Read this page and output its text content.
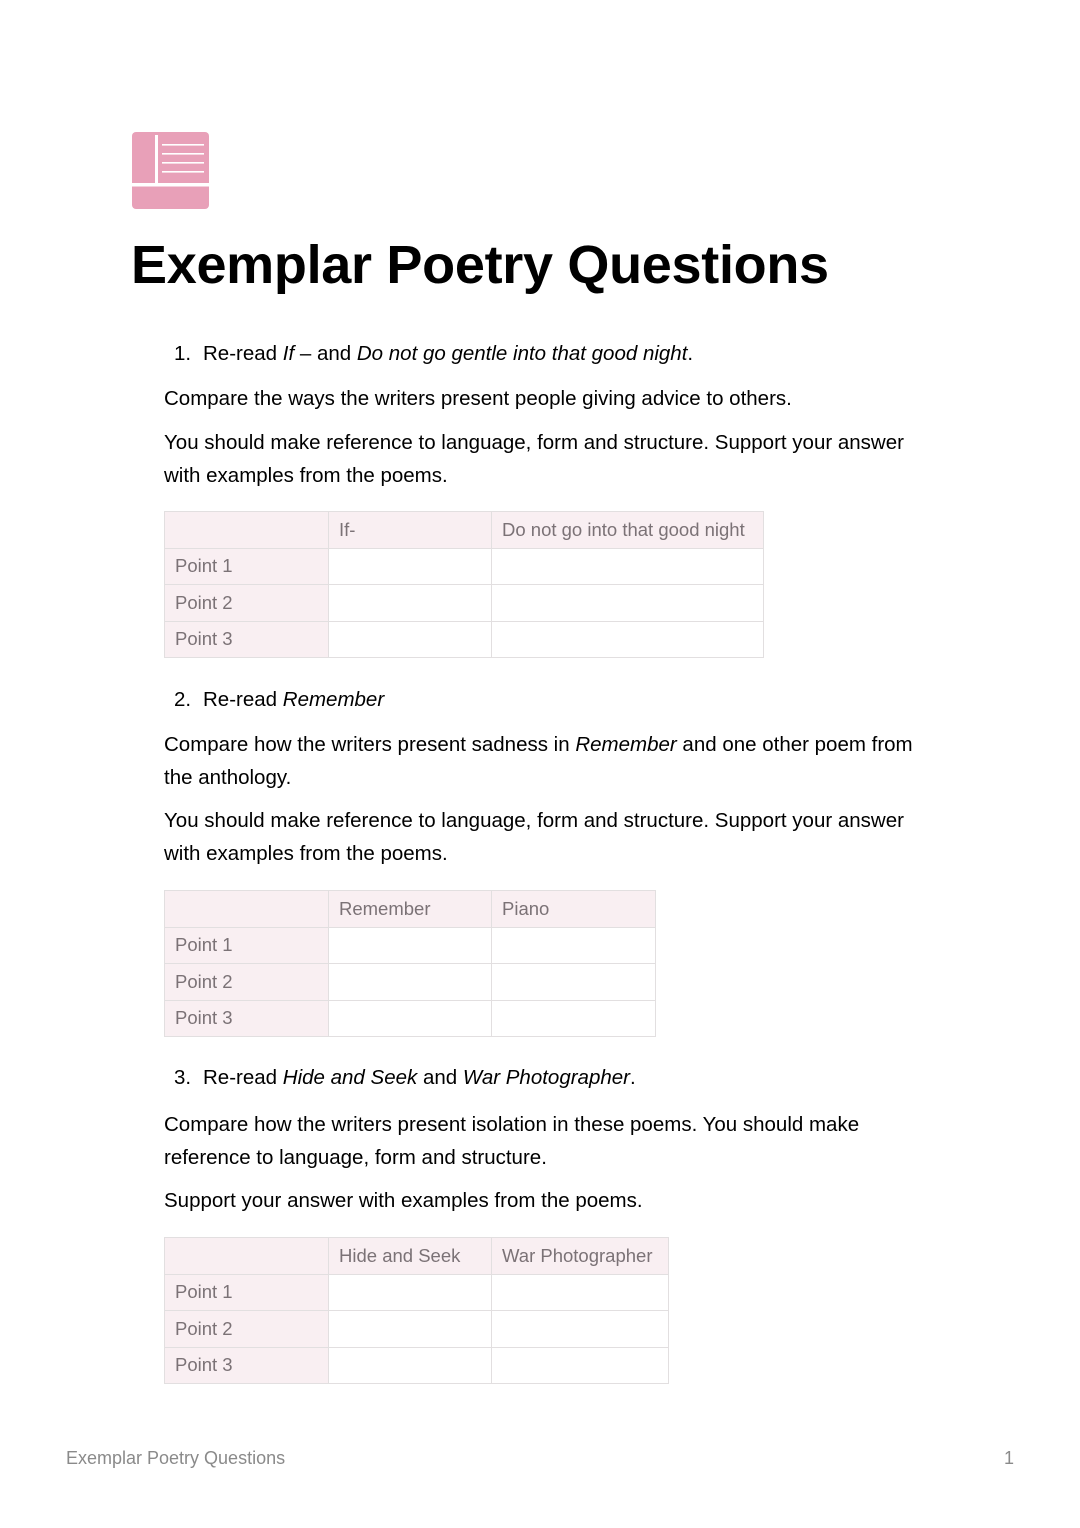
Exemplar Poetry Questions
1. Re-read If – and Do not go gentle into that good night.

Compare the ways the writers present people giving advice to others.

You should make reference to language, form and structure. Support your answer with examples from the poems.

	If-	Do not go into that good night
Point 1		
Point 2		
Point 3		
2. Re-read Remember

Compare how the writers present sadness in Remember and one other poem from the anthology.

You should make reference to language, form and structure. Support your answer with examples from the poems.

	Remember	Piano
Point 1		
Point 2		
Point 3		
3. Re-read Hide and Seek and War Photographer.

Compare how the writers present isolation in these poems. You should make reference to language, form and structure.

Support your answer with examples from the poems.

	Hide and Seek	War Photographer
Point 1		
Point 2		
Point 3		
Exemplar Poetry Questions	1
